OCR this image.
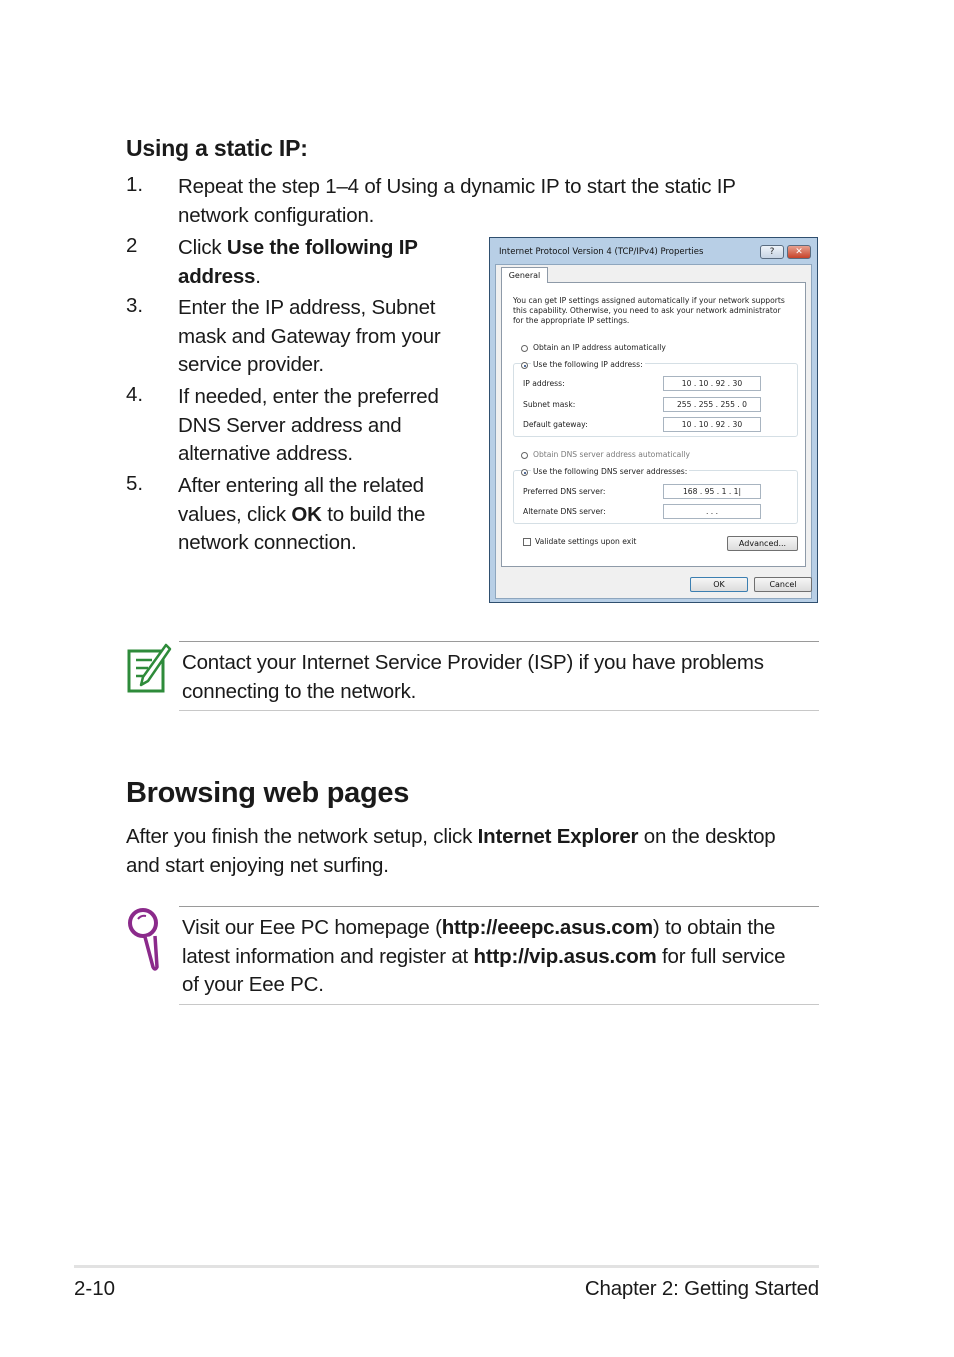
Using a static IP:
1. Repeat the step 1–4 of Using a dynamic IP to start the static IP
network configuration.
2 Click Use the following IP
address.
3. Enter the IP address, Subnet
mask and Gateway from your
service provider.
4. If needed, enter the preferred
DNS Server address and
alternative address.
5. After entering all the related
values, click OK to build the
network connection.
Internet Protocol Version 4 (TCP/IPv4) Properties	?	✕
General
You can get IP settings assigned automatically if your network supports
this capability. Otherwise, you need to ask your network administrator
for the appropriate IP settings.
Obtain an IP address automatically
Use the following IP address:
IP address:	10 . 10 . 92 . 30
Subnet mask:	255 . 255 . 255 . 0
Default gateway:	10 . 10 . 92 . 30
Obtain DNS server address automatically
Use the following DNS server addresses:
Preferred DNS server:	168 . 95 . 1 . 1|
Alternate DNS server:	. . .
Validate settings upon exit	Advanced...
OK	Cancel
Contact your Internet Service Provider (ISP) if you have problems
connecting to the network.
Browsing web pages
After you finish the network setup, click Internet Explorer on the desktop
and start enjoying net surfing.
Visit our Eee PC homepage (http://eeepc.asus.com) to obtain the
latest information and register at http://vip.asus.com for full service
of your Eee PC.
2-10	Chapter 2: Getting Started
